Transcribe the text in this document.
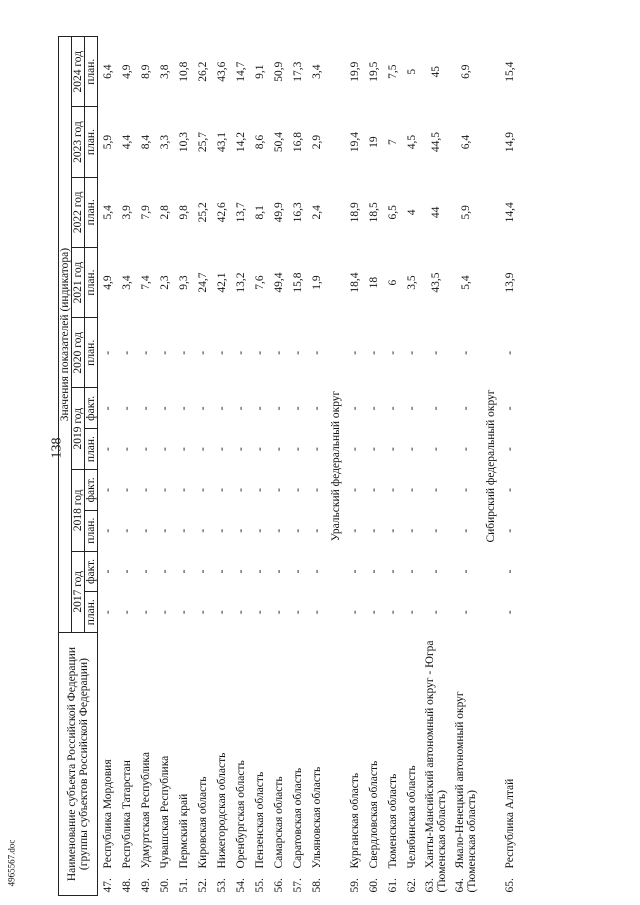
138
4965567.doc	Наименование субъекта Российской Федерации (группы субъектов Российской Федерации)	Значения показателей (индикатора)										
	2017 год		2018 год		2019 год		2020 год	2021 год	2022 год	2023 год	2024 год
	план.	факт.	план.	факт.	план.	факт.	план.	план.	план.	план.	план.
47.Республика Мордовия	-	-	-	-	-	-	-	4,9	5,4	5,9	6,4
48.Республика Татарстан	-	-	-	-	-	-	-	3,4	3,9	4,4	4,9
49.Удмуртская Республика	-	-	-	-	-	-	-	7,4	7,9	8,4	8,9
50.Чувашская Республика	-	-	-	-	-	-	-	2,3	2,8	3,3	3,8
51.Пермский край	-	-	-	-	-	-	-	9,3	9,8	10,3	10,8
52.Кировская область	-	-	-	-	-	-	-	24,7	25,2	25,7	26,2
53.Нижегородская область	-	-	-	-	-	-	-	42,1	42,6	43,1	43,6
54.Оренбургская область	-	-	-	-	-	-	-	13,2	13,7	14,2	14,7
55.Пензенская область	-	-	-	-	-	-	-	7,6	8,1	8,6	9,1
56.Самарская область	-	-	-	-	-	-	-	49,4	49,9	50,4	50,9
57.Саратовская область	-	-	-	-	-	-	-	15,8	16,3	16,8	17,3
58.Ульяновская область	-	-	-	-	-	-	-	1,9	2,4	2,9	3,4
Уральский федеральный округ											
59.Курганская область	-	-	-	-	-	-	-	18,4	18,9	19,4	19,9
60.Свердловская область	-	-	-	-	-	-	-	18	18,5	19	19,5
61.Тюменская область	-	-	-	-	-	-	-	6	6,5	7	7,5
62.Челябинская область	-	-	-	-	-	-	-	3,5	4	4,5	5
63.Ханты-Мансийский автономный округ - Югра (Тюменская область)	-	-	-	-	-	-	-	43,5	44	44,5	45
64.Ямало-Ненецкий автономный округ (Тюменская область)	-	-	-	-	-	-	-	5,4	5,9	6,4	6,9
Сибирский федеральный округ											
65.Республика Алтай	-	-	-	-	-	-	-	13,9	14,4	14,9	15,4
